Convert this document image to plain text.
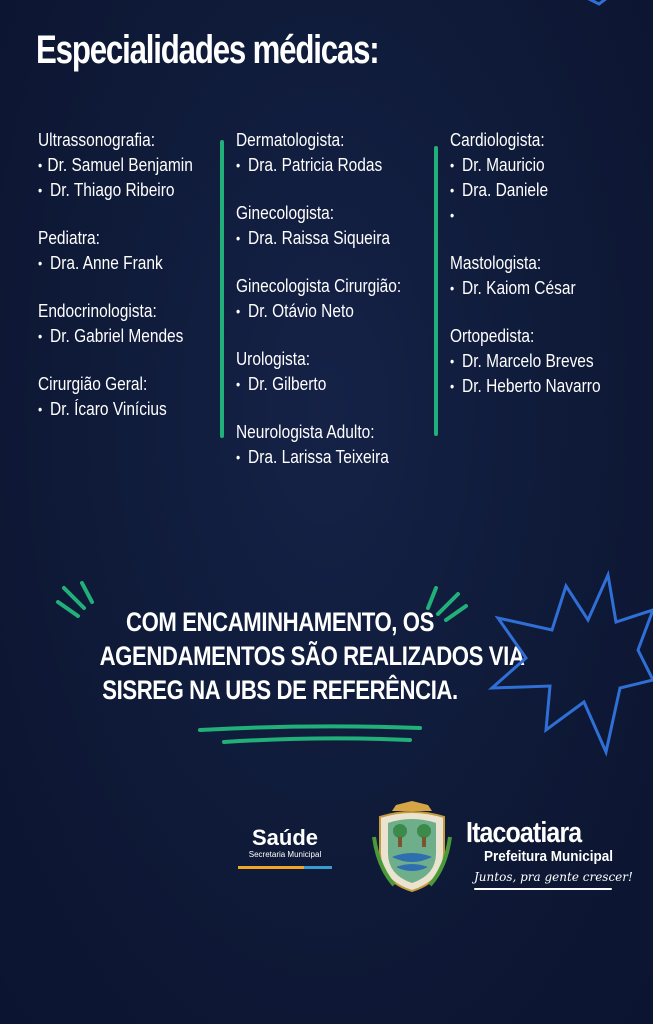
Especialidades médicas:
Ultrassonografia:
• Dr. Samuel Benjamin
• Dr. Thiago Ribeiro
Pediatra:
• Dra. Anne Frank
Endocrinologista:
• Dr. Gabriel Mendes
Cirurgião Geral:
• Dr. Ícaro Vinícius
Dermatologista:
• Dra. Patricia Rodas
Ginecologista:
• Dra. Raissa Siqueira
Ginecologista Cirurgião:
• Dr. Otávio Neto
Urologista:
• Dr. Gilberto
Neurologista Adulto:
• Dra. Larissa Teixeira
Cardiologista:
• Dr. Mauricio
• Dra. Daniele
•
Mastologista:
• Dr. Kaiom César
Ortopedista:
• Dr. Marcelo Breves
• Dr. Heberto Navarro
COM ENCAMINHAMENTO, OS
AGENDAMENTOS SÃO REALIZADOS VIA
SISREG NA UBS DE REFERÊNCIA.
Saúde
Secretaria Municipal
Itacoatiara
Prefeitura Municipal
Juntos, pra gente crescer!
